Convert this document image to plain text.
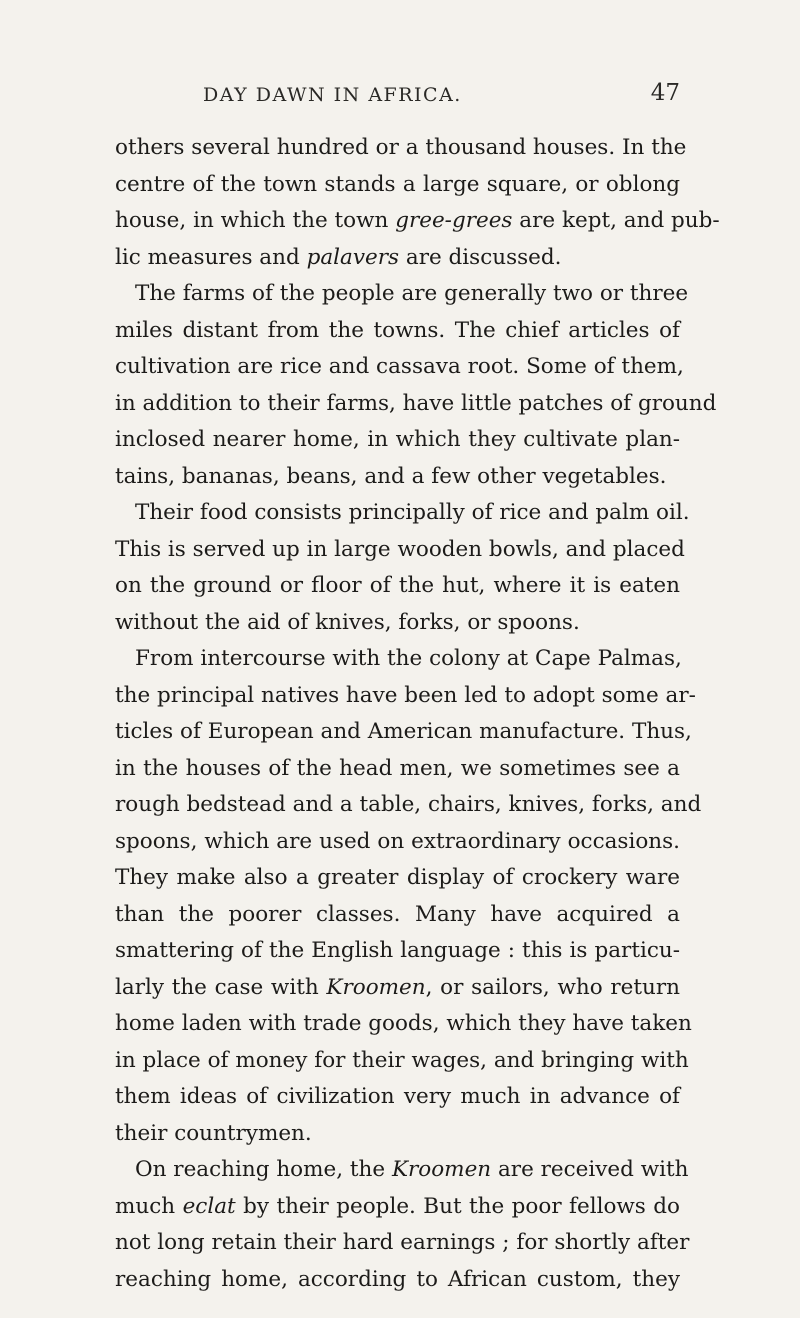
DAY DAWN IN AFRICA.	47
others several hundred or a thousand houses. In the
centre of the town stands a large square, or oblong
house, in which the town gree-grees are kept, and pub-
lic measures and palavers are discussed.
The farms of the people are generally two or three
miles distant from the towns. The chief articles of
cultivation are rice and cassava root. Some of them,
in addition to their farms, have little patches of ground
inclosed nearer home, in which they cultivate plan-
tains, bananas, beans, and a few other vegetables.
Their food consists principally of rice and palm oil.
This is served up in large wooden bowls, and placed
on the ground or floor of the hut, where it is eaten
without the aid of knives, forks, or spoons.
From intercourse with the colony at Cape Palmas,
the principal natives have been led to adopt some ar-
ticles of European and American manufacture. Thus,
in the houses of the head men, we sometimes see a
rough bedstead and a table, chairs, knives, forks, and
spoons, which are used on extraordinary occasions.
They make also a greater display of crockery ware
than the poorer classes. Many have acquired a
smattering of the English language : this is particu-
larly the case with Kroomen, or sailors, who return
home laden with trade goods, which they have taken
in place of money for their wages, and bringing with
them ideas of civilization very much in advance of
their countrymen.
On reaching home, the Kroomen are received with
much eclat by their people. But the poor fellows do
not long retain their hard earnings ; for shortly after
reaching home, according to African custom, they
